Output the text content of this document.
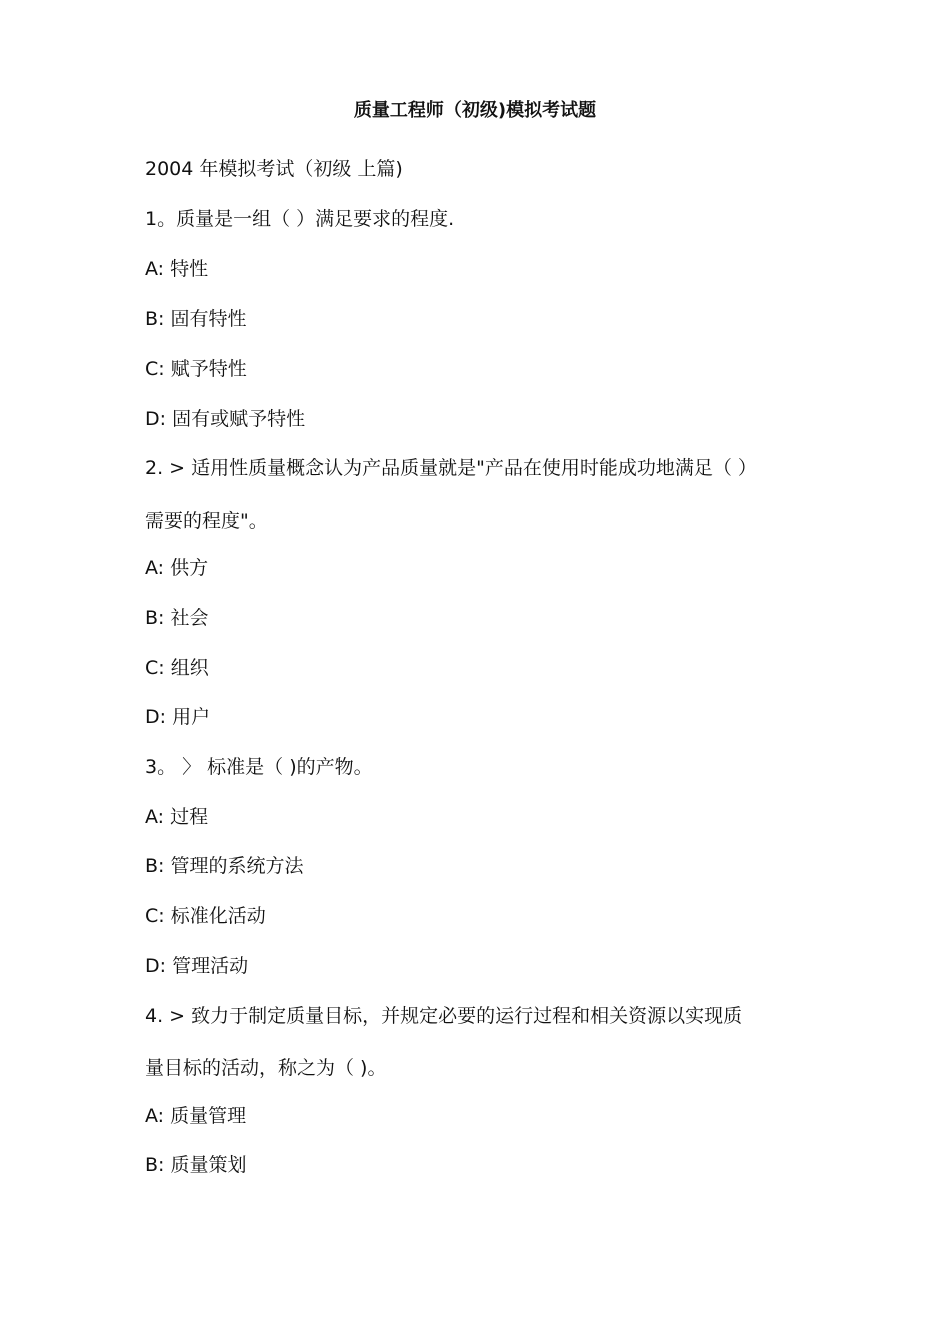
质量工程师（初级)模拟考试题
2004 年模拟考试（初级 上篇)
1。质量是一组（ ）满足要求的程度.
A: 特性
B: 固有特性
C: 赋予特性
D: 固有或赋予特性
2. > 适用性质量概念认为产品质量就是"产品在使用时能成功地满足（ ）
需要的程度"。
A: 供方
B: 社会
C: 组织
D: 用户
3。 〉 标准是（ )的产物。
A: 过程
B: 管理的系统方法
C: 标准化活动
D: 管理活动
4. > 致力于制定质量目标，并规定必要的运行过程和相关资源以实现质
量目标的活动，称之为（ )。
A: 质量管理
B: 质量策划
